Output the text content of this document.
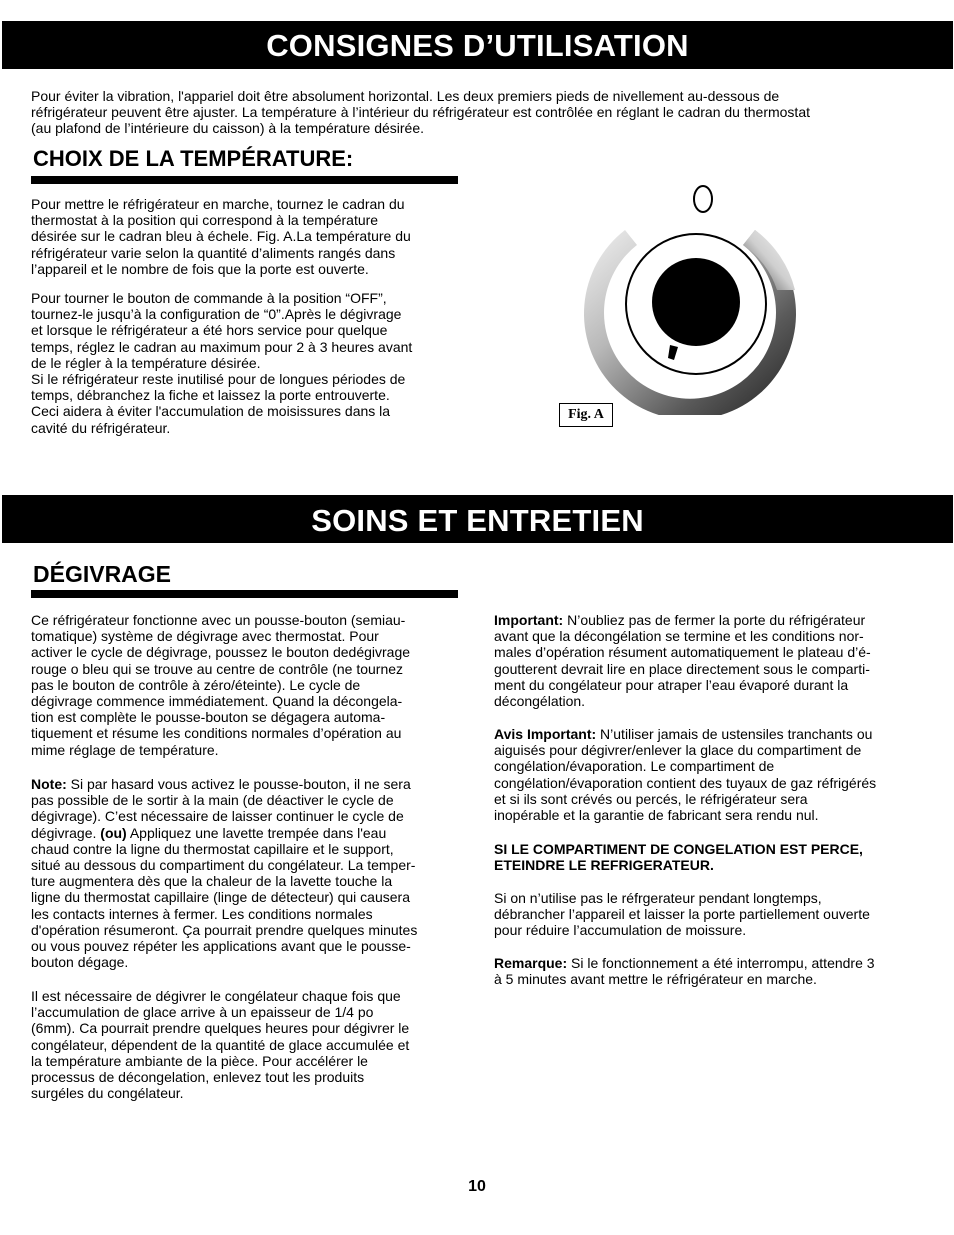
CONSIGNES D’UTILISATION

Pour éviter la vibration, l'appariel doit être absolument horizontal. Les deux premiers pieds de nivellement au-dessous de
réfrigérateur peuvent être ajuster. La température à l’intérieur du réfrigérateur est contrôlée en réglant le cadran du thermostat
(au plafond de l’intérieure du caisson) à la température désirée.

CHOIX DE LA TEMPÉRATURE:

Pour mettre le réfrigérateur en marche, tournez le cadran du
thermostat à la position qui correspond à la température
désirée sur le cadran bleu à échele. Fig. A.La température du
réfrigérateur varie selon la quantité d’aliments rangés dans
l’appareil et le nombre de fois que la porte est ouverte.

Pour tourner le bouton de commande à la position “OFF”,
tournez-le jusqu’à la configuration de “0”.Après le dégivrage
et lorsque le réfrigérateur a été hors service pour quelque
temps, réglez le cadran au maximum pour 2 à 3 heures avant
de le régler à la température désirée.
Si le réfrigérateur reste inutilisé pour de longues périodes de
temps, débranchez la fiche et laissez la porte entrouverte.
Ceci aidera à éviter l'accumulation de moisissures dans la
cavité du réfrigérateur.

Fig. A
SOINS ET ENTRETIEN
DÉGIVRAGE

Ce réfrigérateur fonctionne avec un pousse-bouton (semiau-
tomatique) système de dégivrage avec thermostat. Pour
activer le cycle de dégivrage, poussez le bouton dedégivrage
rouge o bleu qui se trouve au centre de contrôle (ne tournez
pas le bouton de contrôle à zéro/éteinte). Le cycle de
dégivrage commence immédiatement. Quand la décongela-
tion est complète le pousse-bouton se dégagera automa-
tiquement et résume les conditions normales d’opération au
mime réglage de température.

Note: Si par hasard vous activez le pousse-bouton, il ne sera
pas possible de le sortir à la main (de déactiver le cycle de
dégivrage). C’est nécessaire de laisser continuer le cycle de
dégivrage. (ou) Appliquez une lavette trempée dans l'eau
chaud contre la ligne du thermostat capillaire et le support,
situé au dessous du compartiment du congélateur. La temper-
ture augmentera dès que la chaleur de la lavette touche la
ligne du thermostat capillaire (linge de détecteur) qui causera
les contacts internes à fermer. Les conditions normales
d'opération résumeront. Ça pourrait prendre quelques minutes
ou vous pouvez répéter les applications avant que le pousse-
bouton dégage.

Il est nécessaire de dégivrer le congélateur chaque fois que
l’accumulation de glace arrive à un epaisseur de 1/4 po
(6mm). Ca pourrait prendre quelques heures pour dégivrer le
congélateur, dépendent de la quantité de glace accumulée et
la température ambiante de la pièce. Pour accélérer le
processus de décongelation, enlevez tout les produits
surgéles du congélateur.

Important: N’oubliez pas de fermer la porte du réfrigérateur
avant que la décongélation se termine et les conditions nor-
males d’opération résument automatiquement le plateau d’é-
goutterent devrait lire en place directement sous le comparti-
ment du congélateur pour atraper l’eau évaporé durant la
décongélation.

Avis Important: N’utiliser jamais de ustensiles tranchants ou
aiguisés pour dégivrer/enlever la glace du compartiment de
congélation/évaporation. Le compartiment de
congélation/évaporation contient des tuyaux de gaz réfrigérés
et si ils sont crévés ou percés, le réfrigérateur sera
inopérable et la garantie de fabricant sera rendu nul.

SI LE COMPARTIMENT DE CONGELATION EST PERCE,
ETEINDRE LE REFRIGERATEUR.

Si on n’utilise pas le réfrgerateur pendant longtemps,
débrancher l’appareil et laisser la porte partiellement ouverte
pour réduire l’accumulation de moissure.

Remarque: Si le fonctionnement a été interrompu, attendre 3
à 5 minutes avant mettre le réfrigérateur en marche.

10
